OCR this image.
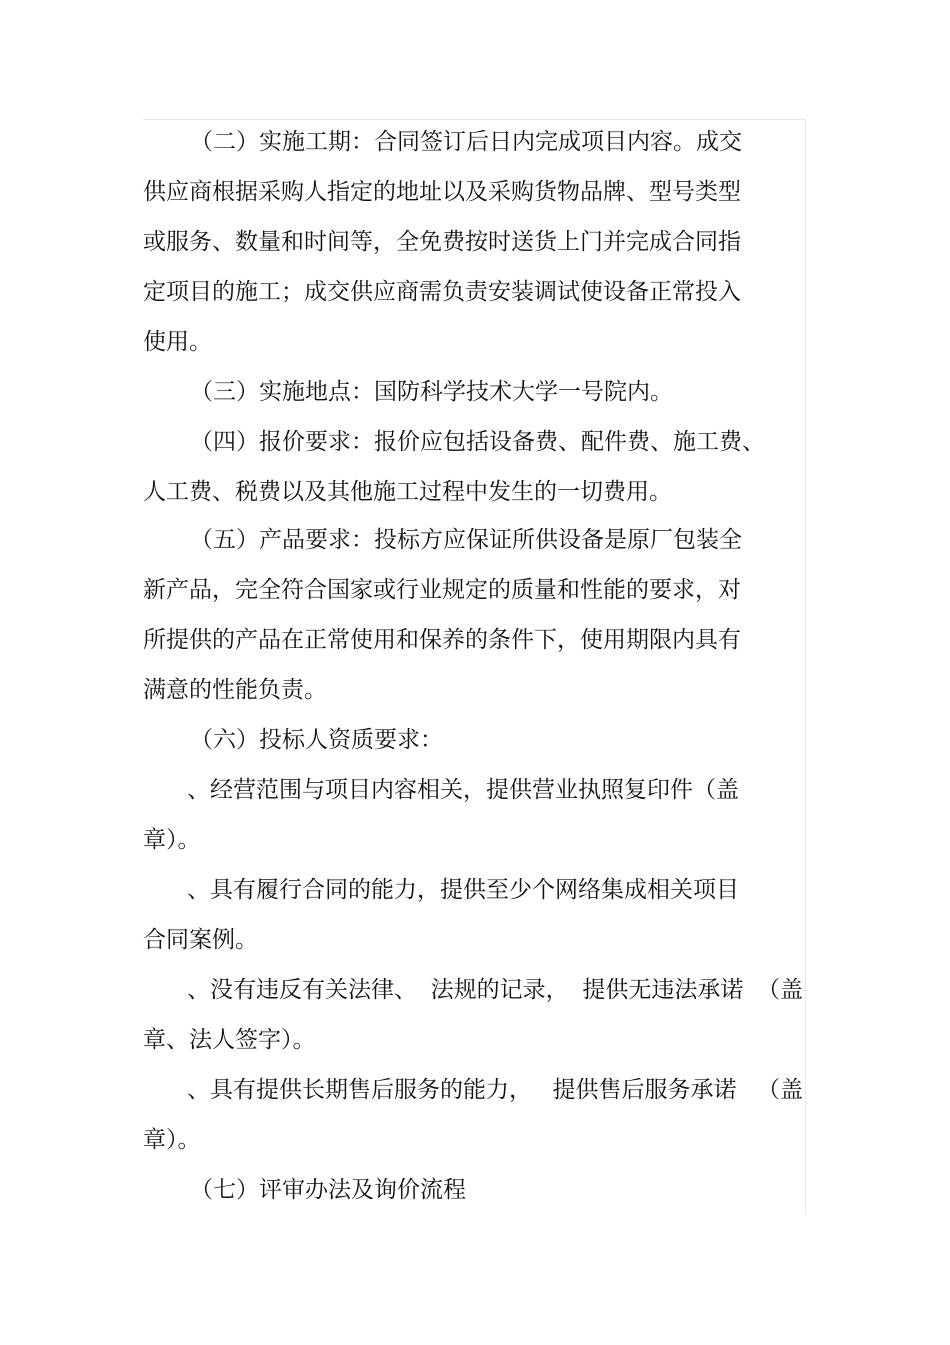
（二）实施工期：合同签订后日内完成项目内容。成交
供应商根据采购人指定的地址以及采购货物品牌、型号类型
或服务、数量和时间等，全免费按时送货上门并完成合同指
定项目的施工；成交供应商需负责安装调试使设备正常投入
使用。
（三）实施地点：国防科学技术大学一号院内。
（四）报价要求：报价应包括设备费、配件费、施工费、
人工费、税费以及其他施工过程中发生的一切费用。
（五）产品要求：投标方应保证所供设备是原厂包装全
新产品，完全符合国家或行业规定的质量和性能的要求，对
所提供的产品在正常使用和保养的条件下，使用期限内具有
满意的性能负责。
（六）投标人资质要求：
、经营范围与项目内容相关，提供营业执照复印件（盖
章）。
、具有履行合同的能力，提供至少个网络集成相关项目
合同案例。
、没有违反有关法律、 法规的记录， 提供无违法承诺 （盖
章、法人签字）。
、具有提供长期售后服务的能力， 提供售后服务承诺 （盖
章）。
（七）评审办法及询价流程
